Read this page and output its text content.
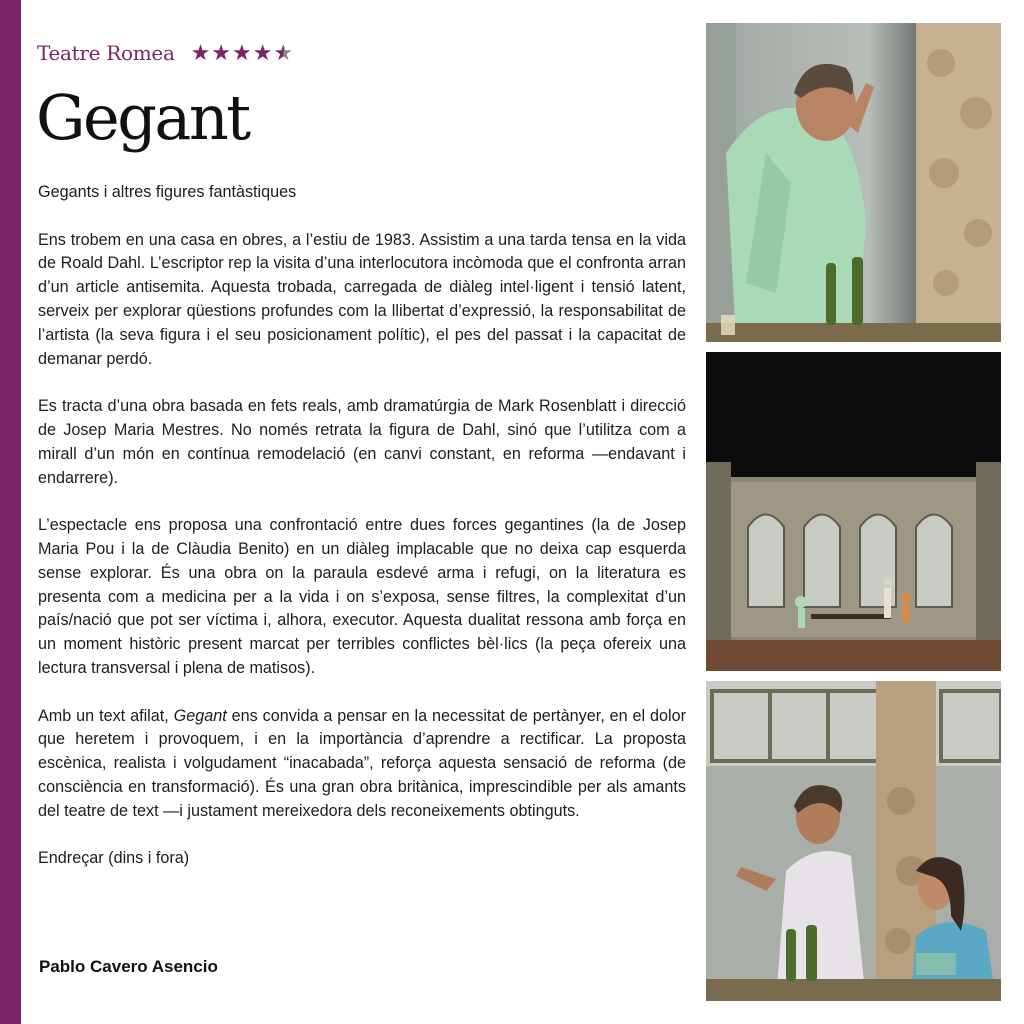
Teatre Romea ★ ★ ★ ★ ★
Gegant

Gegants i altres figures fantàstiques

Ens trobem en una casa en obres, a l’estiu de 1983. Assistim a una tarda tensa en la vida de Roald Dahl. L’escriptor rep la visita d’una interlocutora incòmoda que el confronta arran d’un article antisemita. Aquesta trobada, carregada de diàleg intel·ligent i tensió latent, serveix per explorar qüestions profundes com la llibertat d’expressió, la responsabilitat de l’artista (la seva figura i el seu posicionament polític), el pes del passat i la capacitat de demanar perdó.

Es tracta d’una obra basada en fets reals, amb dramatúrgia de Mark Rosenblatt i direcció de Josep Maria Mestres. No només retrata la figura de Dahl, sinó que l’utilitza com a mirall d’un món en contínua remodelació (en canvi constant, en reforma —endavant i endarrere).

L’espectacle ens proposa una confrontació entre dues forces gegantines (la de Josep Maria Pou i la de Clàudia Benito) en un diàleg implacable que no deixa cap esquerda sense explorar. És una obra on la paraula esdevé arma i refugi, on la literatura es presenta com a medicina per a la vida i on s’exposa, sense filtres, la complexitat d’un país/nació que pot ser víctima i, alhora, executor. Aquesta dualitat ressona amb força en un moment històric present marcat per terribles conflictes bèl·lics (la peça ofereix una lectura transversal i plena de matisos).

Amb un text afilat, Gegant ens convida a pensar en la necessitat de pertànyer, en el dolor que heretem i provoquem, i en la importància d’aprendre a rectificar. La proposta escènica, realista i volgudament “inacabada”, reforça aquesta sensació de reforma (de consciència en transformació). És una gran obra britànica, imprescindible per als amants del teatre de text —i justament mereixedora dels reconeixements obtinguts.

Endreçar (dins i fora)

Pablo Cavero Asencio
